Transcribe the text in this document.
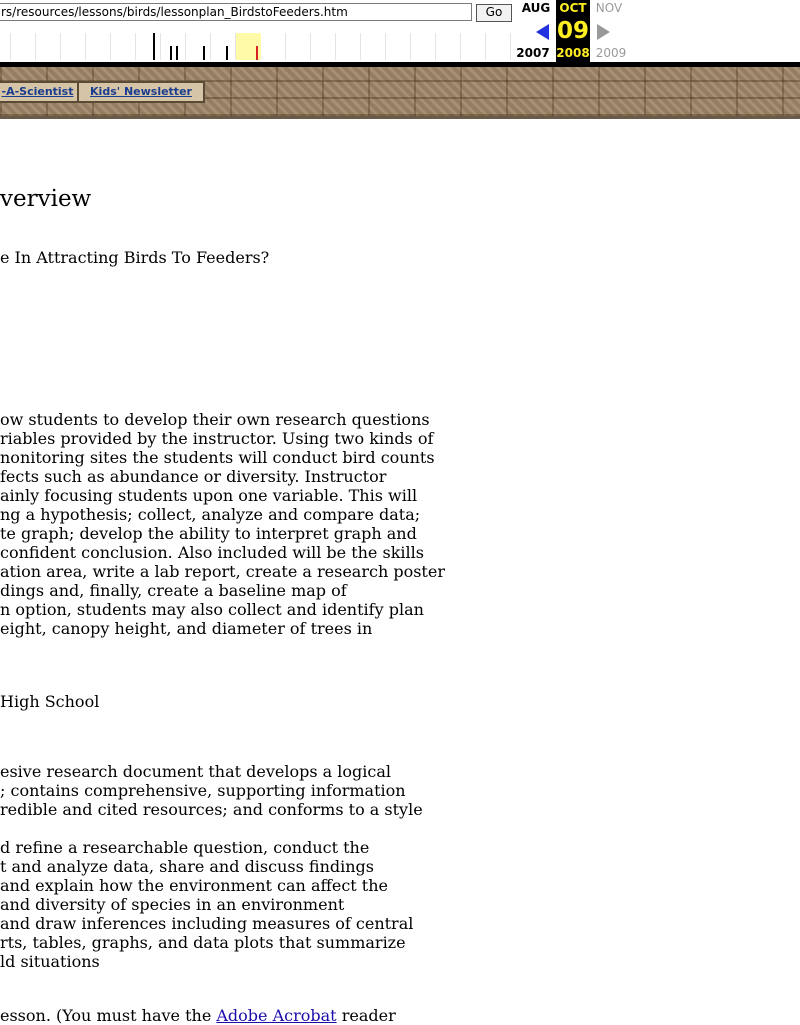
rs/resources/lessons/birds/lessonplan_BirdstoFeeders.htm	Go	AUG OCT NOV
09
2007 2008 2009
-A-Scientist	Kids' Newsletter
verview
e In Attracting Birds To Feeders?
ow students to develop their own research questions
riables provided by the instructor. Using two kinds of
nonitoring sites the students will conduct bird counts
fects such as abundance or diversity. Instructor
ainly focusing students upon one variable. This will
ng a hypothesis; collect, analyze and compare data;
te graph; develop the ability to interpret graph and
confident conclusion. Also included will be the skills
ation area, write a lab report, create a research poster
dings and, finally, create a baseline map of
n option, students may also collect and identify plan
eight, canopy height, and diameter of trees in
High School
esive research document that develops a logical
; contains comprehensive, supporting information
redible and cited resources; and conforms to a style
d refine a researchable question, conduct the
t and analyze data, share and discuss findings
and explain how the environment can affect the
and diversity of species in an environment
and draw inferences including measures of central
rts, tables, graphs, and data plots that summarize
ld situations
esson. (You must have the Adobe Acrobat reader
